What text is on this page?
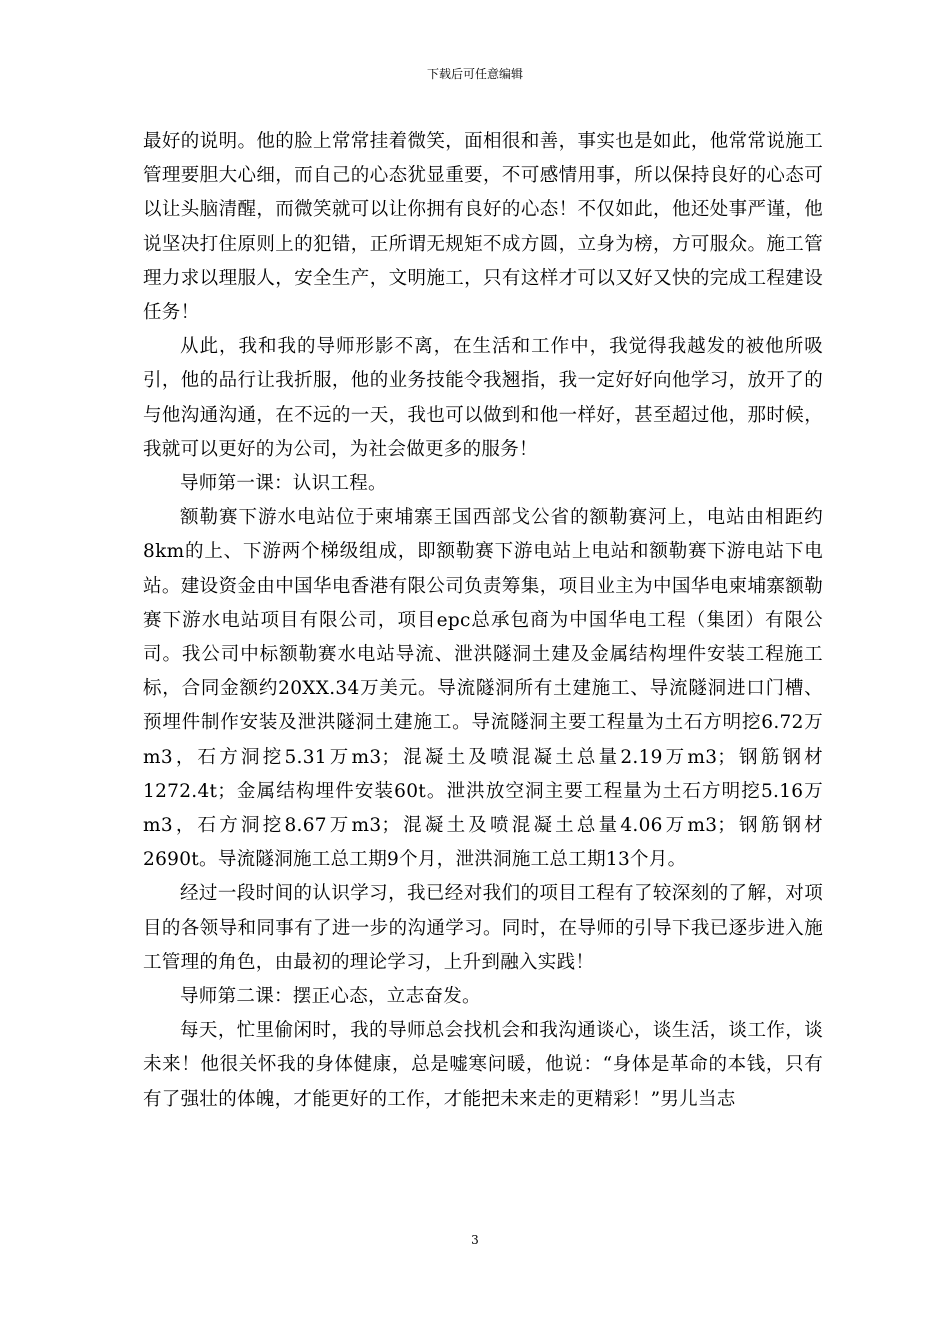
下载后可任意编辑

最好的说明。他的脸上常常挂着微笑，面相很和善，事实也是如此，他常常说施工管理要胆大心细，而自己的心态犹显重要，不可感情用事，所以保持良好的心态可以让头脑清醒，而微笑就可以让你拥有良好的心态！不仅如此，他还处事严谨，他说坚决打住原则上的犯错，正所谓无规矩不成方圆，立身为榜，方可服众。施工管理力求以理服人，安全生产，文明施工，只有这样才可以又好又快的完成工程建设任务！

从此，我和我的导师形影不离，在生活和工作中，我觉得我越发的被他所吸引，他的品行让我折服，他的业务技能令我翘指，我一定好好向他学习，放开了的与他沟通沟通，在不远的一天，我也可以做到和他一样好，甚至超过他，那时候，我就可以更好的为公司，为社会做更多的服务！

导师第一课：认识工程。

额勒赛下游水电站位于柬埔寨王国西部戈公省的额勒赛河上，电站由相距约8km的上、下游两个梯级组成，即额勒赛下游电站上电站和额勒赛下游电站下电站。建设资金由中国华电香港有限公司负责筹集，项目业主为中国华电柬埔寨额勒赛下游水电站项目有限公司，项目epc总承包商为中国华电工程（集团）有限公司。我公司中标额勒赛水电站导流、泄洪隧洞土建及金属结构埋件安装工程施工标，合同金额约20XX.34万美元。导流隧洞所有土建施工、导流隧洞进口门槽、预埋件制作安装及泄洪隧洞土建施工。导流隧洞主要工程量为土石方明挖6.72万m3，石方洞挖5.31万m3；混凝土及喷混凝土总量2.19万m3；钢筋钢材1272.4t；金属结构埋件安装60t。泄洪放空洞主要工程量为土石方明挖5.16万m3，石方洞挖8.67万m3；混凝土及喷混凝土总量4.06万m3；钢筋钢材2690t。导流隧洞施工总工期9个月，泄洪洞施工总工期13个月。

经过一段时间的认识学习，我已经对我们的项目工程有了较深刻的了解，对项目的各领导和同事有了进一步的沟通学习。同时，在导师的引导下我已逐步进入施工管理的角色，由最初的理论学习，上升到融入实践！

导师第二课：摆正心态，立志奋发。

每天，忙里偷闲时，我的导师总会找机会和我沟通谈心，谈生活，谈工作，谈未来！他很关怀我的身体健康，总是嘘寒问暖，他说：“身体是革命的本钱，只有有了强壮的体魄，才能更好的工作，才能把未来走的更精彩！”男儿当志

3
